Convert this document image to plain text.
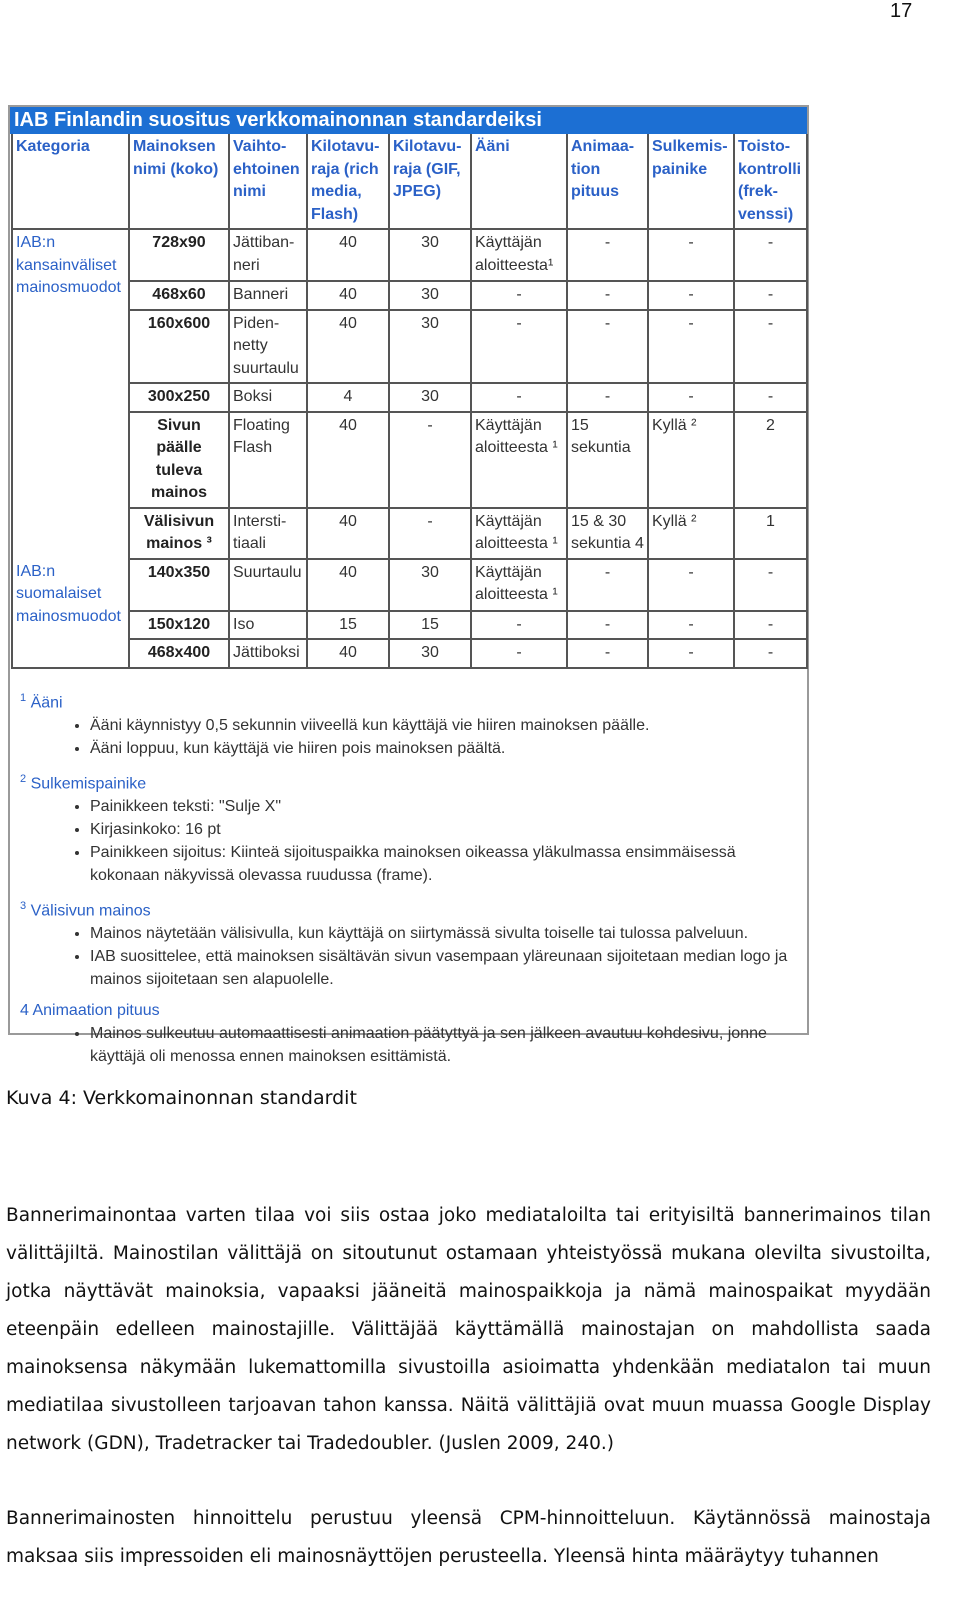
17
IAB Finlandin suositus verkkomainonnan standardeiksi
Kategoria	Mainoksen nimi (koko)	Vaihto-ehtoinen nimi	Kilotavu-raja (rich media, Flash)	Kilotavu-raja (GIF, JPEG)	Ääni	Animaa-tion pituus	Sulkemis-painike	Toisto-kontrolli (frek-venssi)
IAB:n kansainväliset mainosmuodot	728x90	Jättiban-neri	40	30	Käyttäjän aloitteesta¹	-	-	-
	468x60	Banneri	40	30	-	-	-	-
	160x600	Piden-netty suurtaulu	40	30	-	-	-	-
	300x250	Boksi	4	30	-	-	-	-
	Sivun päälle tuleva mainos	Floating Flash	40	-	Käyttäjän aloitteesta ¹	15 sekuntia	Kyllä ²	2
	Välisivun mainos ³	Intersti-tiaali	40	-	Käyttäjän aloitteesta ¹	15 & 30 sekuntia 4	Kyllä ²	1
IAB:n suomalaiset mainosmuodot	140x350	Suurtaulu	40	30	Käyttäjän aloitteesta ¹	-	-	-
	150x120	Iso	15	15	-	-	-	-
	468x400	Jättiboksi	40	30	-	-	-	-
$^1$ Ääni
• Ääni käynnistyy 0,5 sekunnin viiveellä kun käyttäjä vie hiiren mainoksen päälle.
• Ääni loppuu, kun käyttäjä vie hiiren pois mainoksen päältä.
$^2$ Sulkemispainike
• Painikkeen teksti: "Sulje X"
• Kirjasinkoko: 16 pt
• Painikkeen sijoitus: Kiinteä sijoituspaikka mainoksen oikeassa yläkulmassa ensimmäisessä kokonaan näkyvissä olevassa ruudussa (frame).
$^3$ Välisivun mainos
• Mainos näytetään välisivulla, kun käyttäjä on siirtymässä sivulta toiselle tai tulossa palveluun.
• IAB suosittelee, että mainoksen sisältävän sivun vasempaan yläreunaan sijoitetaan median logo ja mainos sijoitetaan sen alapuolelle.
4 Animaation pituus
• Mainos sulkeutuu automaattisesti animaation päätyttyä ja sen jälkeen avautuu kohdesivu, jonne käyttäjä oli menossa ennen mainoksen esittämistä.
Kuva 4: Verkkomainonnan standardit

Bannerimainontaa varten tilaa voi siis ostaa joko mediataloilta tai erityisiltä bannerimainos tilan välittäjiltä. Mainostilan välittäjä on sitoutunut ostamaan yhteistyössä mukana olevilta sivustoilta, jotka näyttävät mainoksia, vapaaksi jääneitä mainospaikkoja ja nämä mainospaikat myydään eteenpäin edelleen mainostajille. Välittäjää käyttämällä mainostajan on mahdollista saada mainoksensa näkymään lukemattomilla sivustoilla asioimatta yhdenkään mediatalon tai muun mediatilaa sivustolleen tarjoavan tahon kanssa. Näitä välittäjiä ovat muun muassa Google Display network (GDN), Tradetracker tai Tradedoubler. (Juslen 2009, 240.)

Bannerimainosten hinnoittelu perustuu yleensä CPM-hinnoitteluun. Käytännössä mainostaja maksaa siis impressoiden eli mainosnäyttöjen perusteella. Yleensä hinta määräytyy tuhannen
